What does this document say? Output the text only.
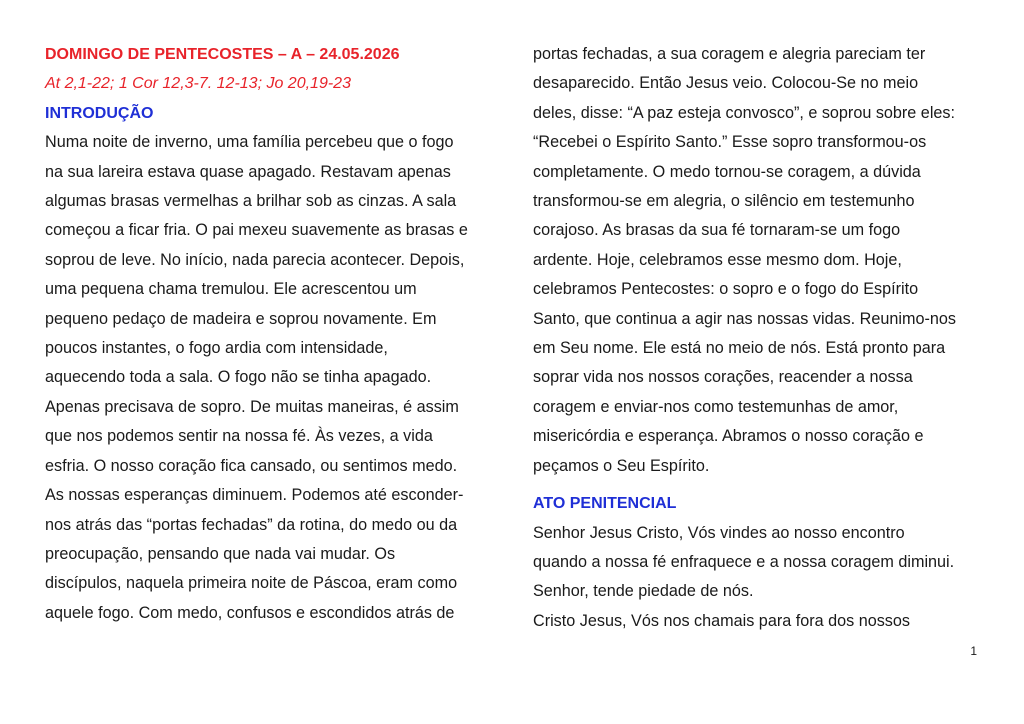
DOMINGO DE PENTECOSTES – A – 24.05.2026

At 2,1-22; 1 Cor 12,3-7. 12-13; Jo 20,19-23

INTRODUÇÃO

Numa noite de inverno, uma família percebeu que o fogo
na sua lareira estava quase apagado. Restavam apenas
algumas brasas vermelhas a brilhar sob as cinzas. A sala
começou a ficar fria. O pai mexeu suavemente as brasas e
soprou de leve. No início, nada parecia acontecer. Depois,
uma pequena chama tremulou. Ele acrescentou um
pequeno pedaço de madeira e soprou novamente. Em
poucos instantes, o fogo ardia com intensidade,
aquecendo toda a sala. O fogo não se tinha apagado.
Apenas precisava de sopro. De muitas maneiras, é assim
que nos podemos sentir na nossa fé. Às vezes, a vida
esfria. O nosso coração fica cansado, ou sentimos medo.
As nossas esperanças diminuem. Podemos até esconder-
nos atrás das “portas fechadas” da rotina, do medo ou da
preocupação, pensando que nada vai mudar. Os
discípulos, naquela primeira noite de Páscoa, eram como
aquele fogo. Com medo, confusos e escondidos atrás de

portas fechadas, a sua coragem e alegria pareciam ter
desaparecido. Então Jesus veio. Colocou-Se no meio
deles, disse: “A paz esteja convosco”, e soprou sobre eles:
“Recebei o Espírito Santo.” Esse sopro transformou-os
completamente. O medo tornou-se coragem, a dúvida
transformou-se em alegria, o silêncio em testemunho
corajoso. As brasas da sua fé tornaram-se um fogo
ardente. Hoje, celebramos esse mesmo dom. Hoje,
celebramos Pentecostes: o sopro e o fogo do Espírito
Santo, que continua a agir nas nossas vidas. Reunimo-nos
em Seu nome. Ele está no meio de nós. Está pronto para
soprar vida nos nossos corações, reacender a nossa
coragem e enviar-nos como testemunhas de amor,
misericórdia e esperança. Abramos o nosso coração e
peçamos o Seu Espírito.

ATO PENITENCIAL

Senhor Jesus Cristo, Vós vindes ao nosso encontro
quando a nossa fé enfraquece e a nossa coragem diminui.
Senhor, tende piedade de nós.
Cristo Jesus, Vós nos chamais para fora dos nossos

1
